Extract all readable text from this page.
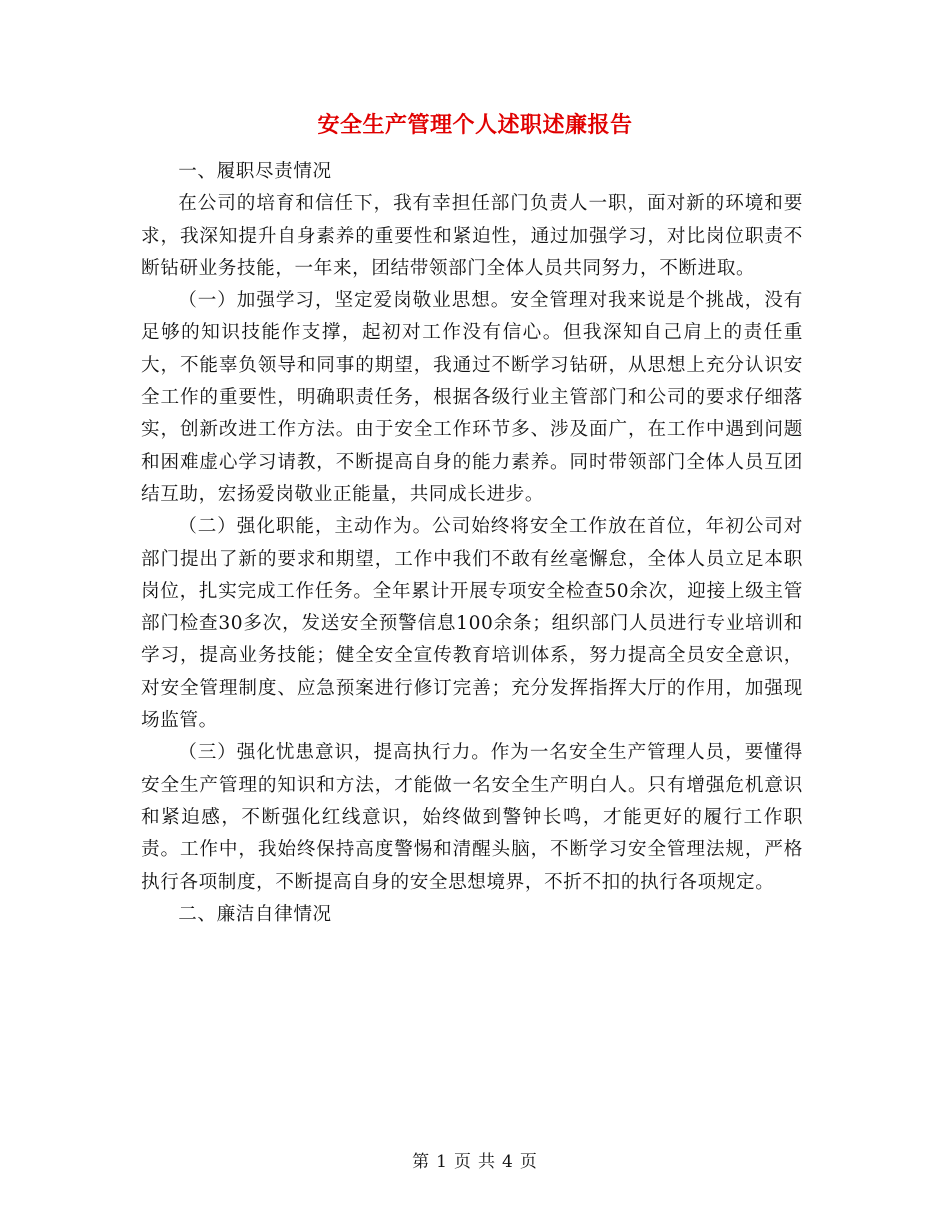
安全生产管理个人述职述廉报告

一、履职尽责情况

在公司的培育和信任下，我有幸担任部门负责人一职，面对新的环境和要求，我深知提升自身素养的重要性和紧迫性，通过加强学习，对比岗位职责不断钻研业务技能，一年来，团结带领部门全体人员共同努力，不断进取。

（一）加强学习，坚定爱岗敬业思想。安全管理对我来说是个挑战，没有足够的知识技能作支撑，起初对工作没有信心。但我深知自己肩上的责任重大，不能辜负领导和同事的期望，我通过不断学习钻研，从思想上充分认识安全工作的重要性，明确职责任务，根据各级行业主管部门和公司的要求仔细落实，创新改进工作方法。由于安全工作环节多、涉及面广，在工作中遇到问题和困难虚心学习请教，不断提高自身的能力素养。同时带领部门全体人员互团结互助，宏扬爱岗敬业正能量，共同成长进步。

（二）强化职能，主动作为。公司始终将安全工作放在首位，年初公司对部门提出了新的要求和期望，工作中我们不敢有丝毫懈怠，全体人员立足本职岗位，扎实完成工作任务。全年累计开展专项安全检查50余次，迎接上级主管部门检查30多次，发送安全预警信息100余条；组织部门人员进行专业培训和学习，提高业务技能；健全安全宣传教育培训体系，努力提高全员安全意识，对安全管理制度、应急预案进行修订完善；充分发挥指挥大厅的作用，加强现场监管。

（三）强化忧患意识，提高执行力。作为一名安全生产管理人员，要懂得安全生产管理的知识和方法，才能做一名安全生产明白人。只有增强危机意识和紧迫感，不断强化红线意识，始终做到警钟长鸣，才能更好的履行工作职责。工作中，我始终保持高度警惕和清醒头脑，不断学习安全管理法规，严格执行各项制度，不断提高自身的安全思想境界，不折不扣的执行各项规定。

二、廉洁自律情况

第 1 页 共 4 页
